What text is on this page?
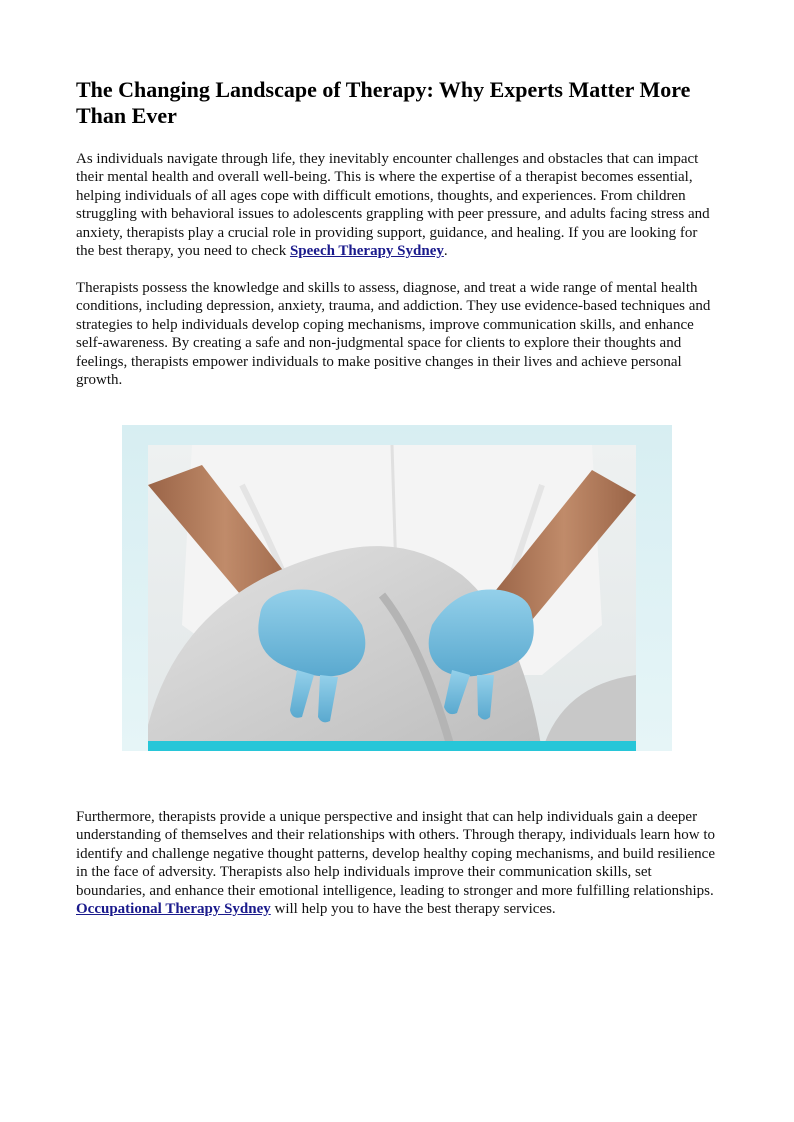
The Changing Landscape of Therapy: Why Experts Matter More Than Ever

As individuals navigate through life, they inevitably encounter challenges and obstacles that can impact their mental health and overall well-being. This is where the expertise of a therapist becomes essential, helping individuals of all ages cope with difficult emotions, thoughts, and experiences. From children struggling with behavioral issues to adolescents grappling with peer pressure, and adults facing stress and anxiety, therapists play a crucial role in providing support, guidance, and healing. If you are looking for the best therapy, you need to check Speech Therapy Sydney.

Therapists possess the knowledge and skills to assess, diagnose, and treat a wide range of mental health conditions, including depression, anxiety, trauma, and addiction. They use evidence-based techniques and strategies to help individuals develop coping mechanisms, improve communication skills, and enhance self-awareness. By creating a safe and non-judgmental space for clients to explore their thoughts and feelings, therapists empower individuals to make positive changes in their lives and achieve personal growth.

Furthermore, therapists provide a unique perspective and insight that can help individuals gain a deeper understanding of themselves and their relationships with others. Through therapy, individuals learn how to identify and challenge negative thought patterns, develop healthy coping mechanisms, and build resilience in the face of adversity. Therapists also help individuals improve their communication skills, set boundaries, and enhance their emotional intelligence, leading to stronger and more fulfilling relationships. Occupational Therapy Sydney will help you to have the best therapy services.
